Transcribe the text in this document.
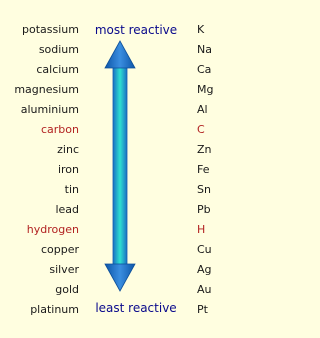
potassium	K
sodium	Na
calcium	Ca
magnesium	Mg
aluminium	Al
carbon	C
zinc	Zn
iron	Fe
tin	Sn
lead	Pb
hydrogen	H
copper	Cu
silver	Ag
gold	Au
platinum	Pt
most reactive
least reactive
